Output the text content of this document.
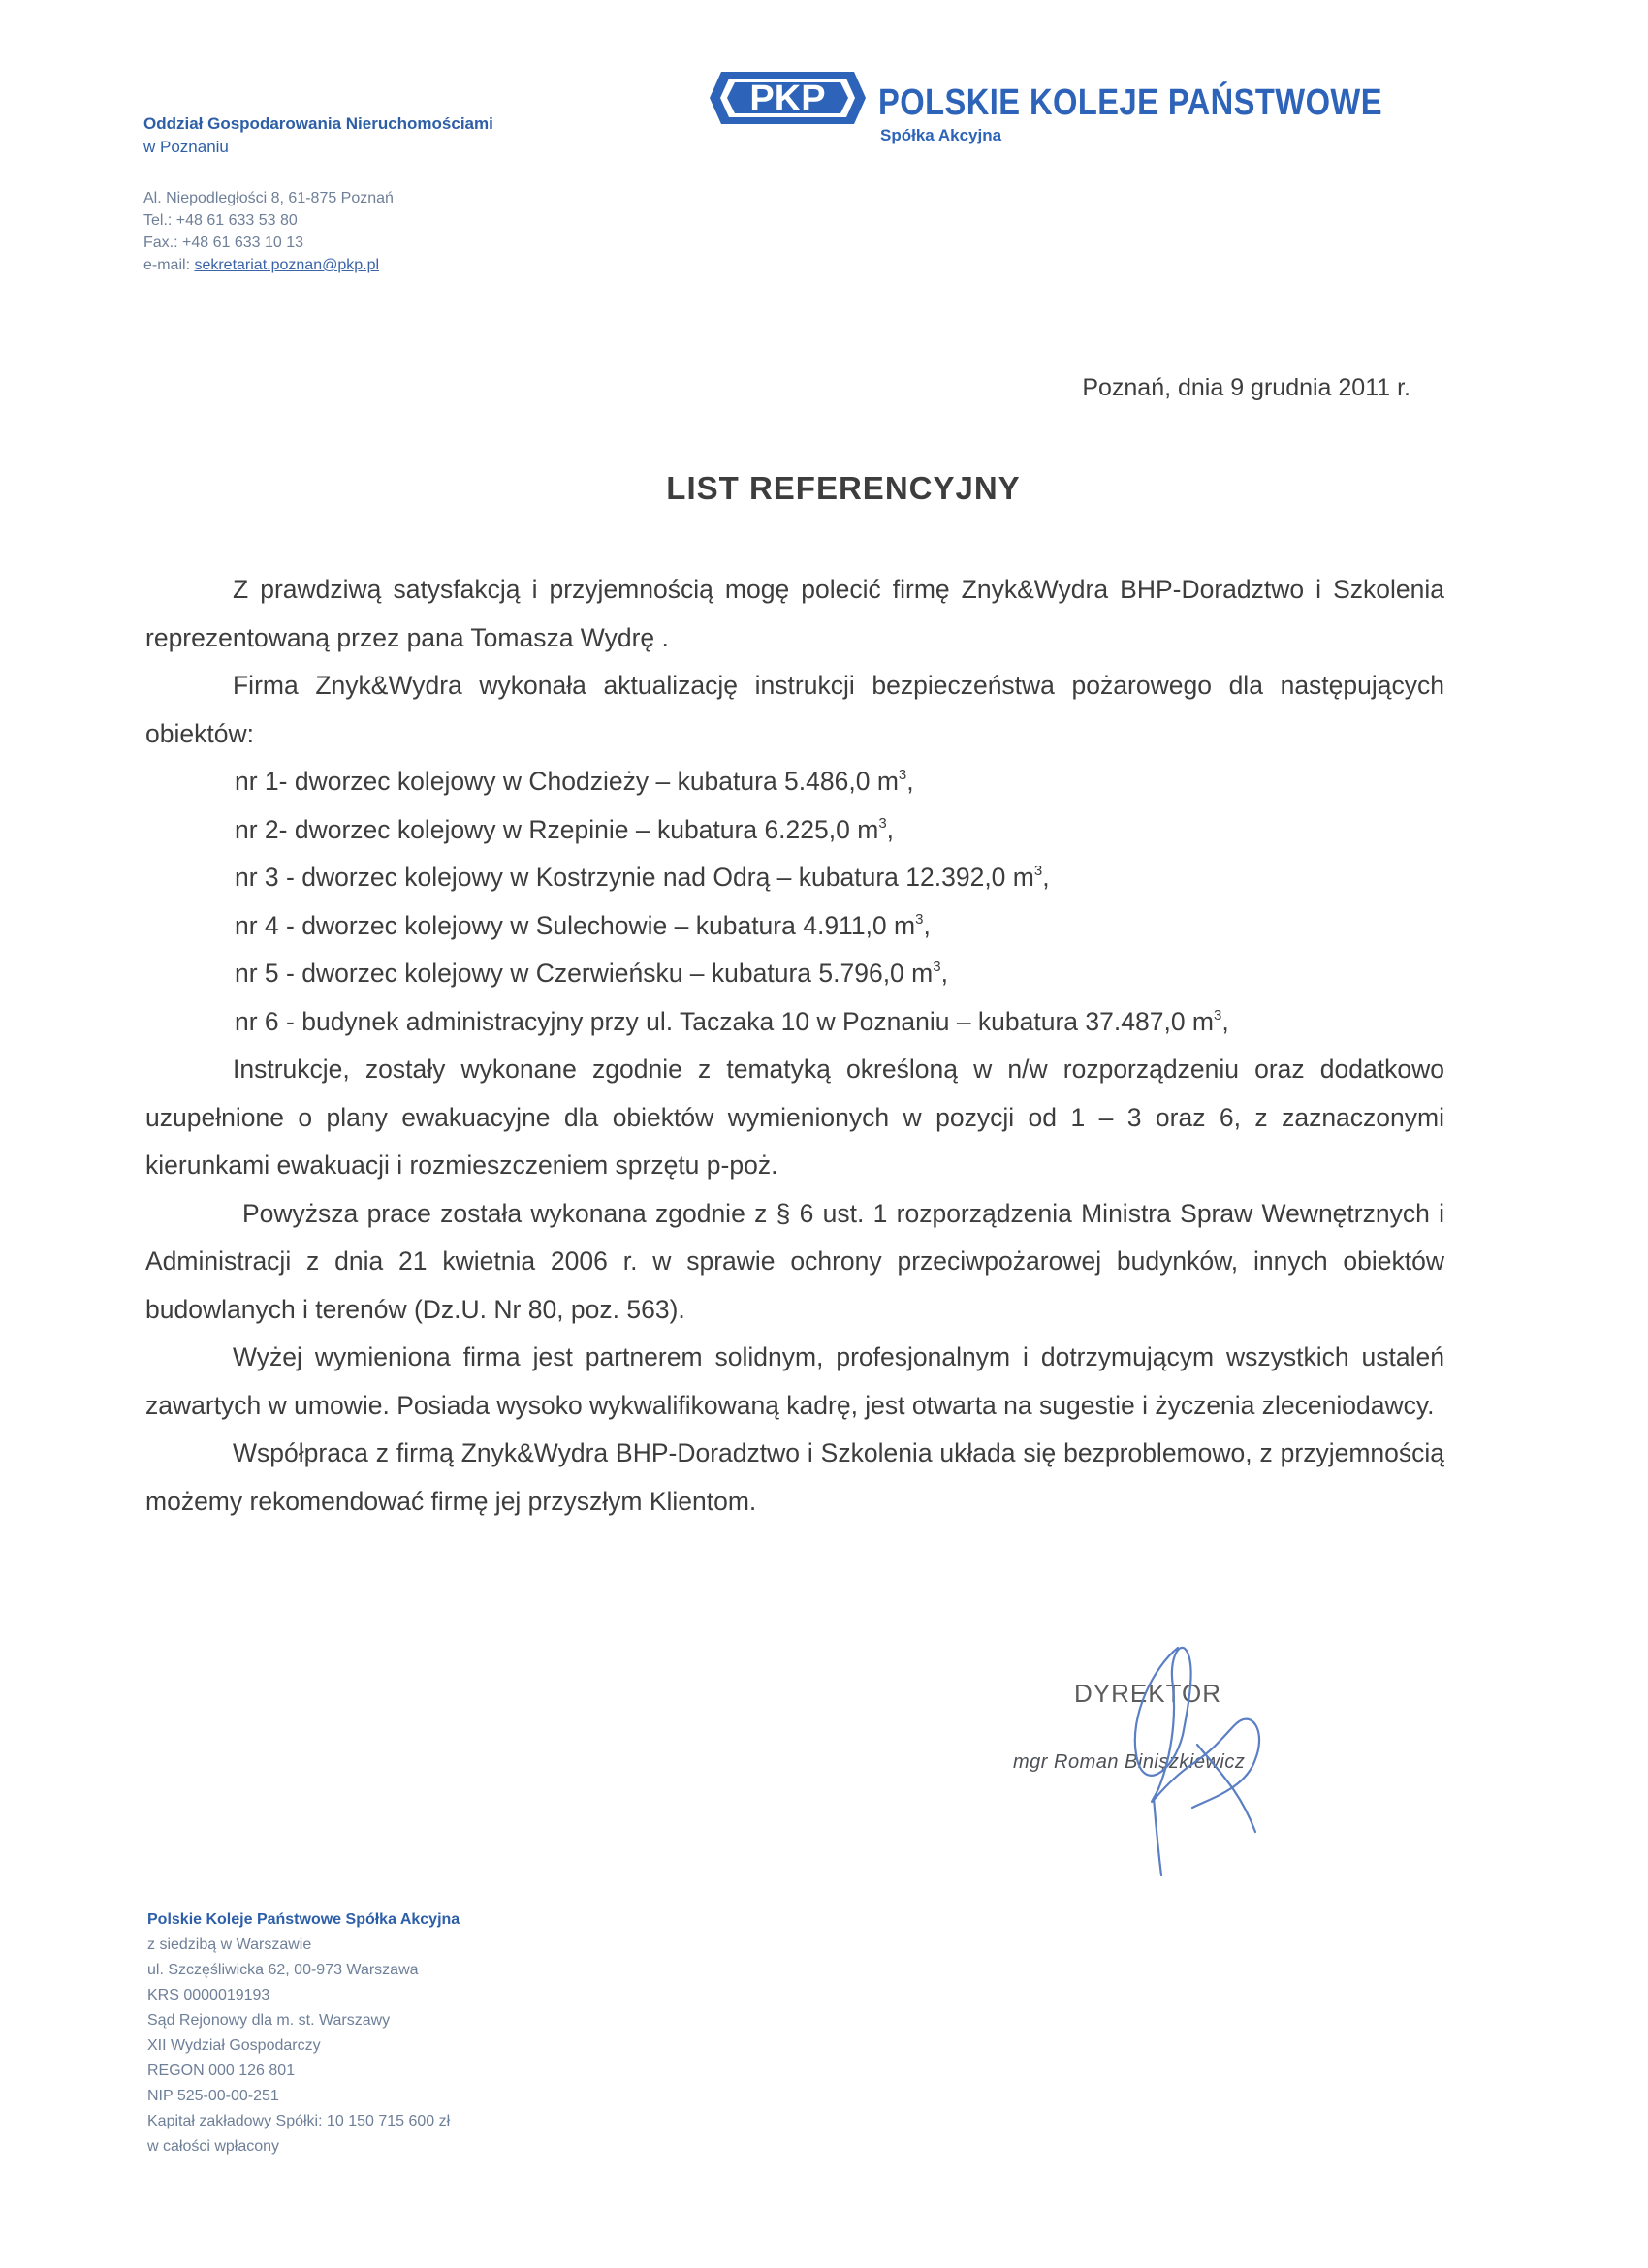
Oddział Gospodarowania Nieruchomościami
w Poznaniu
Al. Niepodległości 8, 61-875 Poznań
Tel.: +48 61 633 53 80
Fax.: +48 61 633 10 13
e-mail: sekretariat.poznan@pkp.pl
PKP POLSKIE KOLEJE PAŃSTWOWE
Spółka Akcyjna
Poznań, dnia 9 grudnia 2011 r.
LIST REFERENCYJNY

Z prawdziwą satysfakcją i przyjemnością mogę polecić firmę Znyk&Wydra BHP-Doradztwo i Szkolenia reprezentowaną przez pana Tomasza Wydrę .

Firma Znyk&Wydra wykonała aktualizację instrukcji bezpieczeństwa pożarowego dla następujących obiektów:

nr 1- dworzec kolejowy w Chodzieży – kubatura 5.486,0 $m^3$,

nr 2- dworzec kolejowy w Rzepinie – kubatura 6.225,0 $m^3$,

nr 3 - dworzec kolejowy w Kostrzynie nad Odrą – kubatura 12.392,0 $m^3$,

nr 4 - dworzec kolejowy w Sulechowie – kubatura 4.911,0 $m^3$,

nr 5 - dworzec kolejowy w Czerwieńsku – kubatura 5.796,0 $m^3$,

nr 6 - budynek administracyjny przy ul. Taczaka 10 w Poznaniu – kubatura 37.487,0 $m^3$,

Instrukcje, zostały wykonane zgodnie z tematyką określoną w n/w rozporządzeniu oraz dodatkowo uzupełnione o plany ewakuacyjne dla obiektów wymienionych w pozycji od 1 – 3 oraz 6, z zaznaczonymi kierunkami ewakuacji i rozmieszczeniem sprzętu p-poż.

Powyższa prace została wykonana zgodnie z § 6 ust. 1 rozporządzenia Ministra Spraw Wewnętrznych i Administracji z dnia 21 kwietnia 2006 r. w sprawie ochrony przeciwpożarowej budynków, innych obiektów budowlanych i terenów (Dz.U. Nr 80, poz. 563).

Wyżej wymieniona firma jest partnerem solidnym, profesjonalnym i dotrzymującym wszystkich ustaleń zawartych w umowie. Posiada wysoko wykwalifikowaną kadrę, jest otwarta na sugestie i życzenia zleceniodawcy.

Współpraca z firmą Znyk&Wydra BHP-Doradztwo i Szkolenia układa się bezproblemowo, z przyjemnością możemy rekomendować firmę jej przyszłym Klientom.

DYREKTOR
mgr Roman Binişzkiewicz
Polskie Koleje Państwowe Spółka Akcyjna
z siedzibą w Warszawie
ul. Szczęśliwicka 62, 00-973 Warszawa
KRS 0000019193
Sąd Rejonowy dla m. st. Warszawy
XII Wydział Gospodarczy
REGON 000 126 801
NIP 525-00-00-251
Kapitał zakładowy Spółki: 10 150 715 600 zł
w całości wpłacony
